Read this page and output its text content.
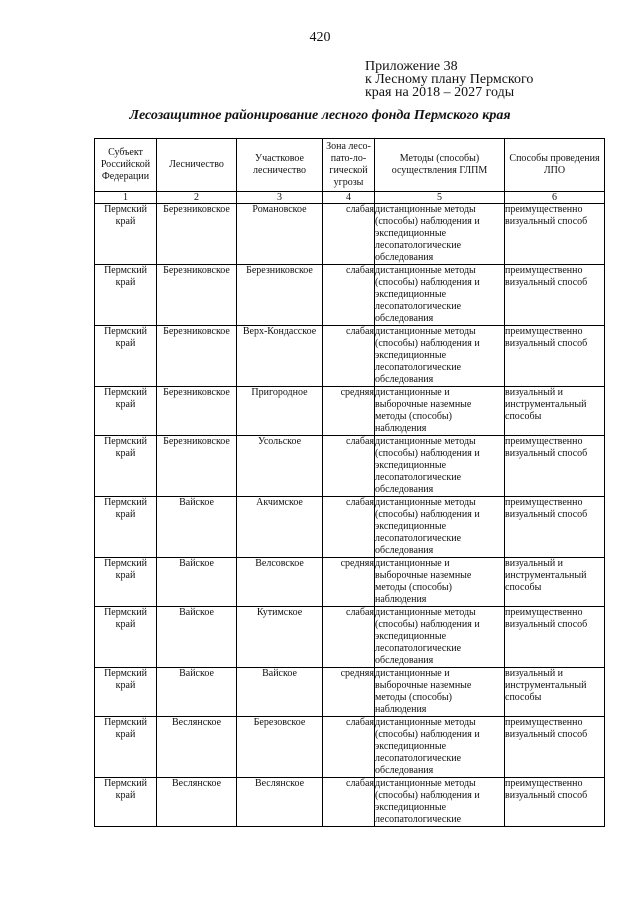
420
Приложение 38
к Лесному плану Пермского
края на 2018 – 2027 годы
Лесозащитное районирование лесного фонда Пермского края
Субъект Российской Федерации	Лесничество	Участковое лесничество	Зона лесо-пато-ло-гической угрозы	Методы (способы) осуществления ГЛПМ	Способы проведения ЛПО
1	2	3	4	5	6
Пермский край	Березниковское	Романовское	слабая	дистанционные методы (способы) наблюдения и экспедиционные лесопатологические обследования	преимущественно визуальный способ
Пермский край	Березниковское	Березниковское	слабая	дистанционные методы (способы) наблюдения и экспедиционные лесопатологические обследования	преимущественно визуальный способ
Пермский край	Березниковское	Верх-Кондасское	слабая	дистанционные методы (способы) наблюдения и экспедиционные лесопатологические обследования	преимущественно визуальный способ
Пермский край	Березниковское	Пригородное	средняя	дистанционные и выборочные наземные методы (способы) наблюдения	визуальный и инструментальный способы
Пермский край	Березниковское	Усольское	слабая	дистанционные методы (способы) наблюдения и экспедиционные лесопатологические обследования	преимущественно визуальный способ
Пермский край	Вайское	Акчимское	слабая	дистанционные методы (способы) наблюдения и экспедиционные лесопатологические обследования	преимущественно визуальный способ
Пермский край	Вайское	Велсовское	средняя	дистанционные и выборочные наземные методы (способы) наблюдения	визуальный и инструментальный способы
Пермский край	Вайское	Кутимское	слабая	дистанционные методы (способы) наблюдения и экспедиционные лесопатологические обследования	преимущественно визуальный способ
Пермский край	Вайское	Вайское	средняя	дистанционные и выборочные наземные методы (способы) наблюдения	визуальный и инструментальный способы
Пермский край	Веслянское	Березовское	слабая	дистанционные методы (способы) наблюдения и экспедиционные лесопатологические обследования	преимущественно визуальный способ
Пермский край	Веслянское	Веслянское	слабая	дистанционные методы (способы) наблюдения и экспедиционные лесопатологические	преимущественно визуальный способ
